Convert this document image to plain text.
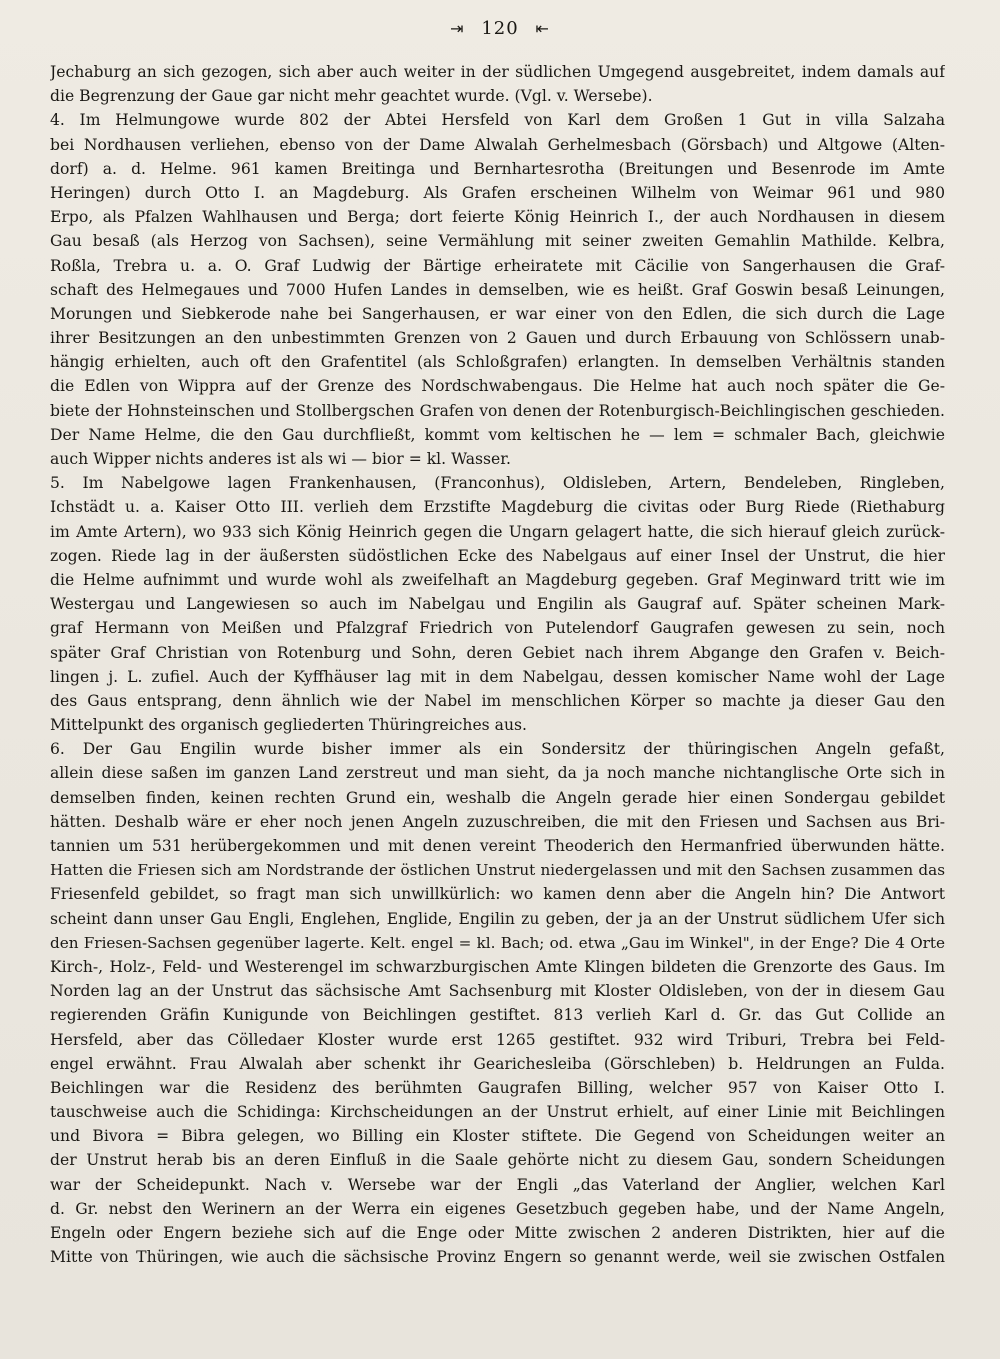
⇥ 120 ⇤
Jechaburg an sich gezogen, sich aber auch weiter in der südlichen Umgegend ausgebreitet, indem damals auf
die Begrenzung der Gaue gar nicht mehr geachtet wurde. (Vgl. v. Wersebe).
4. Im Helmungowe wurde 802 der Abtei Hersfeld von Karl dem Großen 1 Gut in villa Salzaha
bei Nordhausen verliehen, ebenso von der Dame Alwalah Gerhelmesbach (Görsbach) und Altgowe (Alten-
dorf) a. d. Helme. 961 kamen Breitinga und Bernhartesrotha (Breitungen und Besenrode im Amte
Heringen) durch Otto I. an Magdeburg. Als Grafen erscheinen Wilhelm von Weimar 961 und 980
Erpo, als Pfalzen Wahlhausen und Berga; dort feierte König Heinrich I., der auch Nordhausen in diesem
Gau besaß (als Herzog von Sachsen), seine Vermählung mit seiner zweiten Gemahlin Mathilde. Kelbra,
Roßla, Trebra u. a. O. Graf Ludwig der Bärtige erheiratete mit Cäcilie von Sangerhausen die Graf-
schaft des Helmegaues und 7000 Hufen Landes in demselben, wie es heißt. Graf Goswin besaß Leinungen,
Morungen und Siebkerode nahe bei Sangerhausen, er war einer von den Edlen, die sich durch die Lage
ihrer Besitzungen an den unbestimmten Grenzen von 2 Gauen und durch Erbauung von Schlössern unab-
hängig erhielten, auch oft den Grafentitel (als Schloßgrafen) erlangten. In demselben Verhältnis standen
die Edlen von Wippra auf der Grenze des Nordschwabengaus. Die Helme hat auch noch später die Ge-
biete der Hohnsteinschen und Stollbergschen Grafen von denen der Rotenburgisch-Beichlingischen geschieden.
Der Name Helme, die den Gau durchfließt, kommt vom keltischen he — lem = schmaler Bach, gleichwie
auch Wipper nichts anderes ist als wi — bior = kl. Wasser.
5. Im Nabelgowe lagen Frankenhausen, (Franconhus), Oldisleben, Artern, Bendeleben, Ringleben,
Ichstädt u. a. Kaiser Otto III. verlieh dem Erzstifte Magdeburg die civitas oder Burg Riede (Riethaburg
im Amte Artern), wo 933 sich König Heinrich gegen die Ungarn gelagert hatte, die sich hierauf gleich zurück-
zogen. Riede lag in der äußersten südöstlichen Ecke des Nabelgaus auf einer Insel der Unstrut, die hier
die Helme aufnimmt und wurde wohl als zweifelhaft an Magdeburg gegeben. Graf Meginward tritt wie im
Westergau und Langewiesen so auch im Nabelgau und Engilin als Gaugraf auf. Später scheinen Mark-
graf Hermann von Meißen und Pfalzgraf Friedrich von Putelendorf Gaugrafen gewesen zu sein, noch
später Graf Christian von Rotenburg und Sohn, deren Gebiet nach ihrem Abgange den Grafen v. Beich-
lingen j. L. zufiel. Auch der Kyffhäuser lag mit in dem Nabelgau, dessen komischer Name wohl der Lage
des Gaus entsprang, denn ähnlich wie der Nabel im menschlichen Körper so machte ja dieser Gau den
Mittelpunkt des organisch gegliederten Thüringreiches aus.
6. Der Gau Engilin wurde bisher immer als ein Sondersitz der thüringischen Angeln gefaßt,
allein diese saßen im ganzen Land zerstreut und man sieht, da ja noch manche nichtanglische Orte sich in
demselben finden, keinen rechten Grund ein, weshalb die Angeln gerade hier einen Sondergau gebildet
hätten. Deshalb wäre er eher noch jenen Angeln zuzuschreiben, die mit den Friesen und Sachsen aus Bri-
tannien um 531 herübergekommen und mit denen vereint Theoderich den Hermanfried überwunden hätte.
Hatten die Friesen sich am Nordstrande der östlichen Unstrut niedergelassen und mit den Sachsen zusammen das
Friesenfeld gebildet, so fragt man sich unwillkürlich: wo kamen denn aber die Angeln hin? Die Antwort
scheint dann unser Gau Engli, Englehen, Englide, Engilin zu geben, der ja an der Unstrut südlichem Ufer sich
den Friesen-Sachsen gegenüber lagerte. Kelt. engel = kl. Bach; od. etwa „Gau im Winkel", in der Enge? Die 4 Orte
Kirch-, Holz-, Feld- und Westerengel im schwarzburgischen Amte Klingen bildeten die Grenzorte des Gaus. Im
Norden lag an der Unstrut das sächsische Amt Sachsenburg mit Kloster Oldisleben, von der in diesem Gau
regierenden Gräfin Kunigunde von Beichlingen gestiftet. 813 verlieh Karl d. Gr. das Gut Collide an
Hersfeld, aber das Cölledaer Kloster wurde erst 1265 gestiftet. 932 wird Triburi, Trebra bei Feld-
engel erwähnt. Frau Alwalah aber schenkt ihr Gearichesleiba (Görschleben) b. Heldrungen an Fulda.
Beichlingen war die Residenz des berühmten Gaugrafen Billing, welcher 957 von Kaiser Otto I.
tauschweise auch die Schidinga: Kirchscheidungen an der Unstrut erhielt, auf einer Linie mit Beichlingen
und Bivora = Bibra gelegen, wo Billing ein Kloster stiftete. Die Gegend von Scheidungen weiter an
der Unstrut herab bis an deren Einfluß in die Saale gehörte nicht zu diesem Gau, sondern Scheidungen
war der Scheidepunkt. Nach v. Wersebe war der Engli „das Vaterland der Anglier, welchen Karl
d. Gr. nebst den Werinern an der Werra ein eigenes Gesetzbuch gegeben habe, und der Name Angeln,
Engeln oder Engern beziehe sich auf die Enge oder Mitte zwischen 2 anderen Distrikten, hier auf die
Mitte von Thüringen, wie auch die sächsische Provinz Engern so genannt werde, weil sie zwischen Ostfalen
